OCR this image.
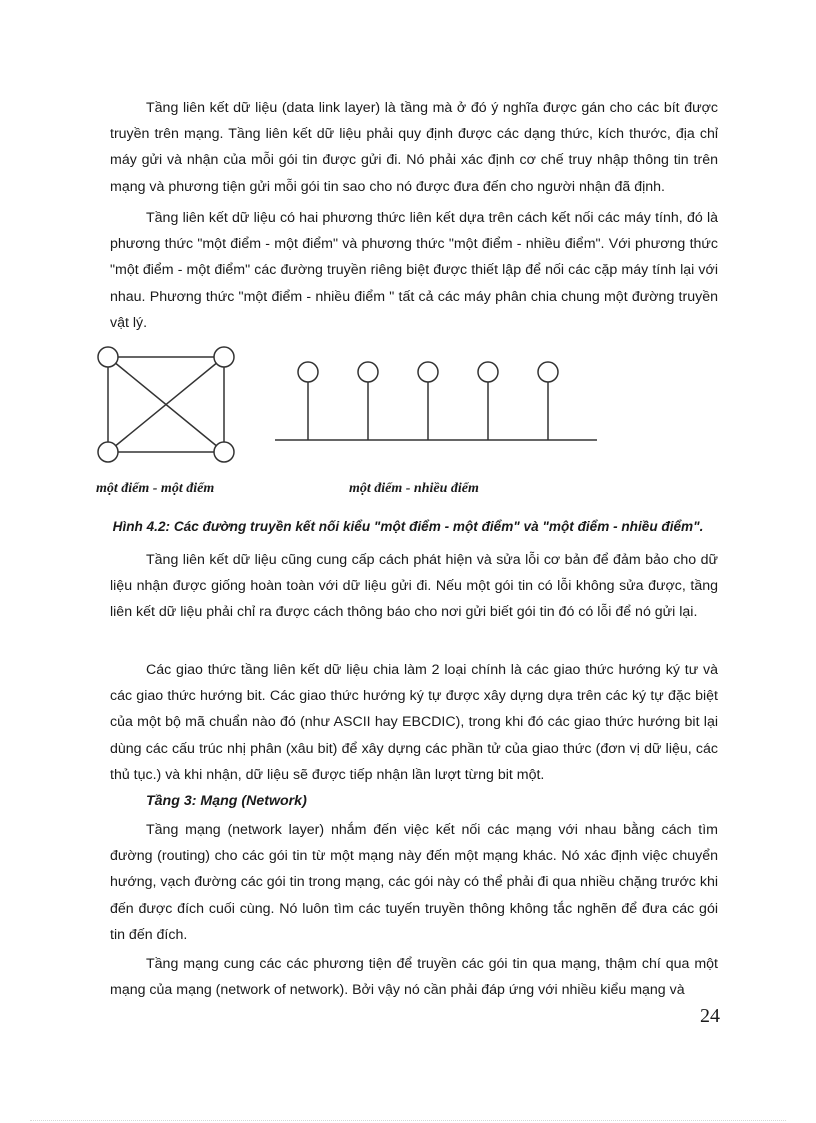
Tầng liên kết dữ liệu (data link layer) là tầng mà ở đó ý nghĩa được gán cho các bít được truyền trên mạng. Tầng liên kết dữ liệu phải quy định được các dạng thức, kích thước, địa chỉ máy gửi và nhận của mỗi gói tin được gửi đi. Nó phải xác định cơ chế truy nhập thông tin trên mạng và phương tiện gửi mỗi gói tin sao cho nó được đưa đến cho người nhận đã định.

Tầng liên kết dữ liệu có hai phương thức liên kết dựa trên cách kết nối các máy tính, đó là phương thức "một điểm - một điểm" và phương thức "một điểm - nhiều điểm". Với phương thức "một điểm - một điểm" các đường truyền riêng biệt được thiết lập để nối các cặp máy tính lại với nhau. Phương thức "một điểm - nhiều điểm " tất cả các máy phân chia chung một đường truyền vật lý.

một điểm - một điểm	một điểm - nhiều điểm

Hình 4.2: Các đường truyền kết nối kiểu "một điểm - một điểm" và "một điểm - nhiều điểm".

Tầng liên kết dữ liệu cũng cung cấp cách phát hiện và sửa lỗi cơ bản để đảm bảo cho dữ liệu nhận được giống hoàn toàn với dữ liệu gửi đi. Nếu một gói tin có lỗi không sửa được, tầng liên kết dữ liệu phải chỉ ra được cách thông báo cho nơi gửi biết gói tin đó có lỗi để nó gửi lại.

Các giao thức tầng liên kết dữ liệu chia làm 2 loại chính là các giao thức hướng ký tư và các giao thức hướng bit. Các giao thức hướng ký tự được xây dựng dựa trên các ký tự đặc biệt của một bộ mã chuẩn nào đó (như ASCII hay EBCDIC), trong khi đó các giao thức hướng bit lại dùng các cấu trúc nhị phân (xâu bit) để xây dựng các phần tử của giao thức (đơn vị dữ liệu, các thủ tục.) và khi nhận, dữ liệu sẽ được tiếp nhận lần lượt từng bit một.

Tầng 3: Mạng (Network)

Tầng mạng (network layer) nhắm đến việc kết nối các mạng với nhau bằng cách tìm đường (routing) cho các gói tin từ một mạng này đến một mạng khác. Nó xác định việc chuyển hướng, vạch đường các gói tin trong mạng, các gói này có thể phải đi qua nhiều chặng trước khi đến được đích cuối cùng. Nó luôn tìm các tuyến truyền thông không tắc nghẽn để đưa các gói tin đến đích.

Tầng mạng cung các các phương tiện để truyền các gói tin qua mạng, thậm chí qua một mạng của mạng (network of network). Bởi vậy nó cần phải đáp ứng với nhiều kiểu mạng và

24
